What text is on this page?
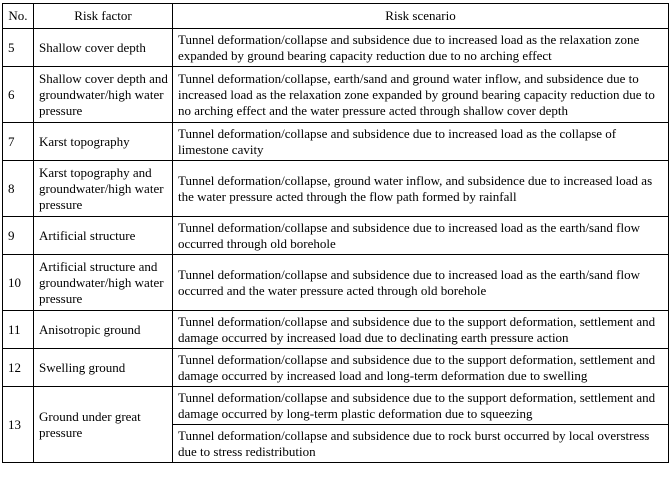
No.	Risk factor	Risk scenario
5	Shallow cover depth	Tunnel deformation/collapse and subsidence due to increased load as the relaxation zone expanded by ground bearing capacity reduction due to no arching effect
6	Shallow cover depth and groundwater/high water pressure	Tunnel deformation/collapse, earth/sand and ground water inflow, and subsidence due to increased load as the relaxation zone expanded by ground bearing capacity reduction due to no arching effect and the water pressure acted through shallow cover depth
7	Karst topography	Tunnel deformation/collapse and subsidence due to increased load as the collapse of limestone cavity
8	Karst topography and groundwater/high water pressure	Tunnel deformation/collapse, ground water inflow, and subsidence due to increased load as the water pressure acted through the flow path formed by rainfall
9	Artificial structure	Tunnel deformation/collapse and subsidence due to increased load as the earth/sand flow occurred through old borehole
10	Artificial structure and groundwater/high water pressure	Tunnel deformation/collapse and subsidence due to increased load as the earth/sand flow occurred and the water pressure acted through old borehole
11	Anisotropic ground	Tunnel deformation/collapse and subsidence due to the support deformation, settlement and damage occurred by increased load due to declinating earth pressure action
12	Swelling ground	Tunnel deformation/collapse and subsidence due to the support deformation, settlement and damage occurred by increased load and long-term deformation due to swelling
13	Ground under great pressure	Tunnel deformation/collapse and subsidence due to the support deformation, settlement and damage occurred by long-term plastic deformation due to squeezing
		Tunnel deformation/collapse and subsidence due to rock burst occurred by local overstress due to stress redistribution
